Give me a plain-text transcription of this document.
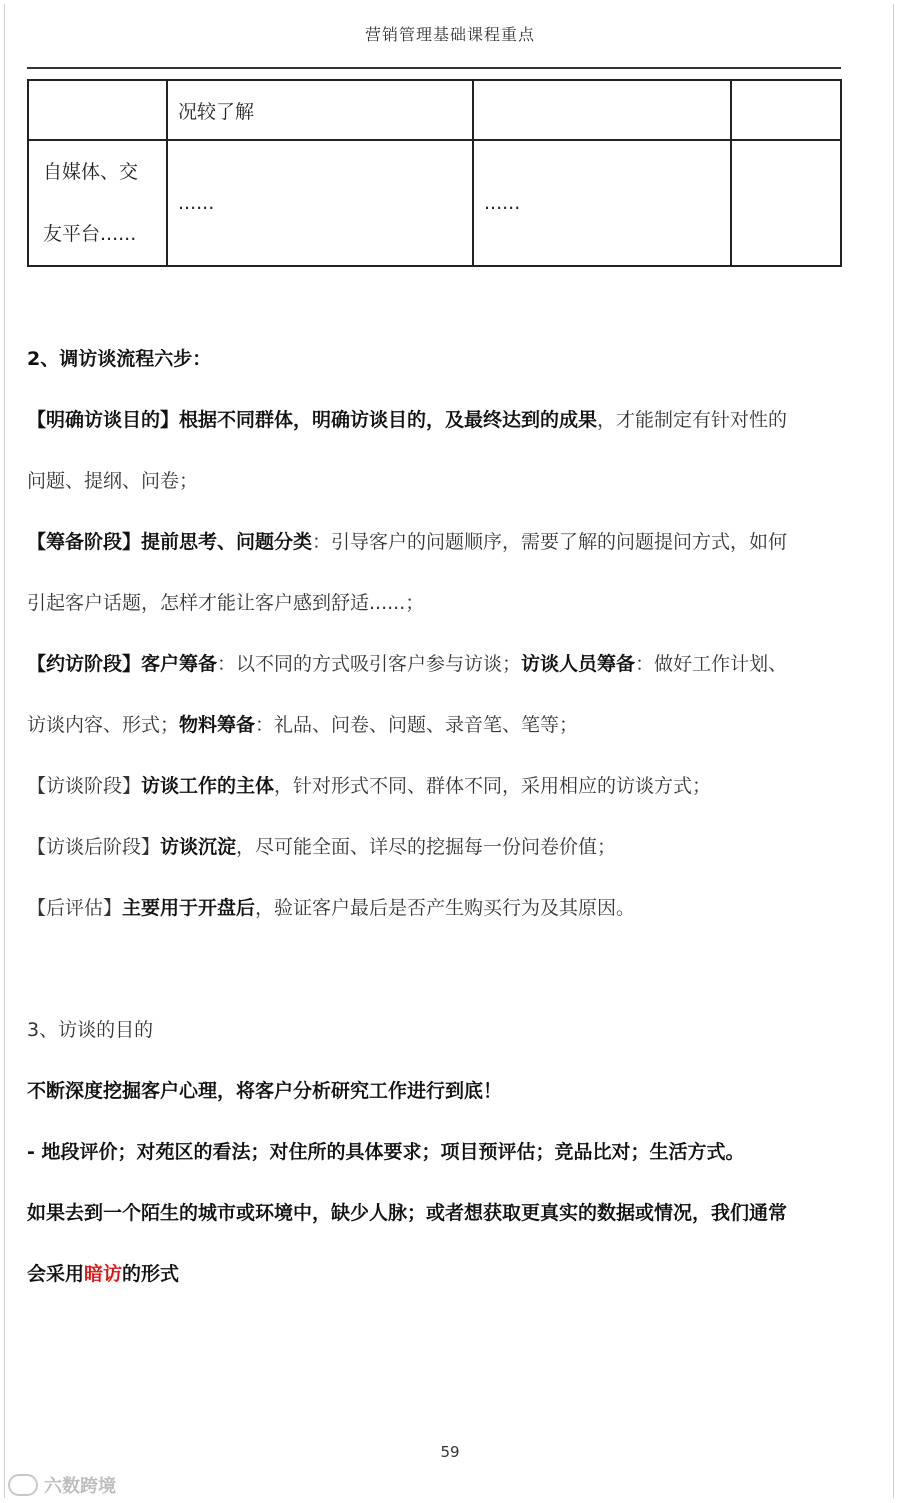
营销管理基础课程重点
	况较了解		

自媒体、交
友平台......	......	......	
2、调访谈流程六步：
【明确访谈目的】根据不同群体，明确访谈目的，及最终达到的成果，才能制定有针对性的
问题、提纲、问卷；
【筹备阶段】提前思考、问题分类：引导客户的问题顺序，需要了解的问题提问方式，如何
引起客户话题，怎样才能让客户感到舒适......；
【约访阶段】客户筹备：以不同的方式吸引客户参与访谈；访谈人员筹备：做好工作计划、
访谈内容、形式；物料筹备：礼品、问卷、问题、录音笔、笔等；
【访谈阶段】访谈工作的主体，针对形式不同、群体不同，采用相应的访谈方式；
【访谈后阶段】访谈沉淀，尽可能全面、详尽的挖掘每一份问卷价值；
【后评估】主要用于开盘后，验证客户最后是否产生购买行为及其原因。
3、访谈的目的
不断深度挖掘客户心理，将客户分析研究工作进行到底！
- 地段评价；对苑区的看法；对住所的具体要求；项目预评估；竞品比对；生活方式。
如果去到一个陌生的城市或环境中，缺少人脉；或者想获取更真实的数据或情况，我们通常
会采用暗访的形式
59
六数跨境
